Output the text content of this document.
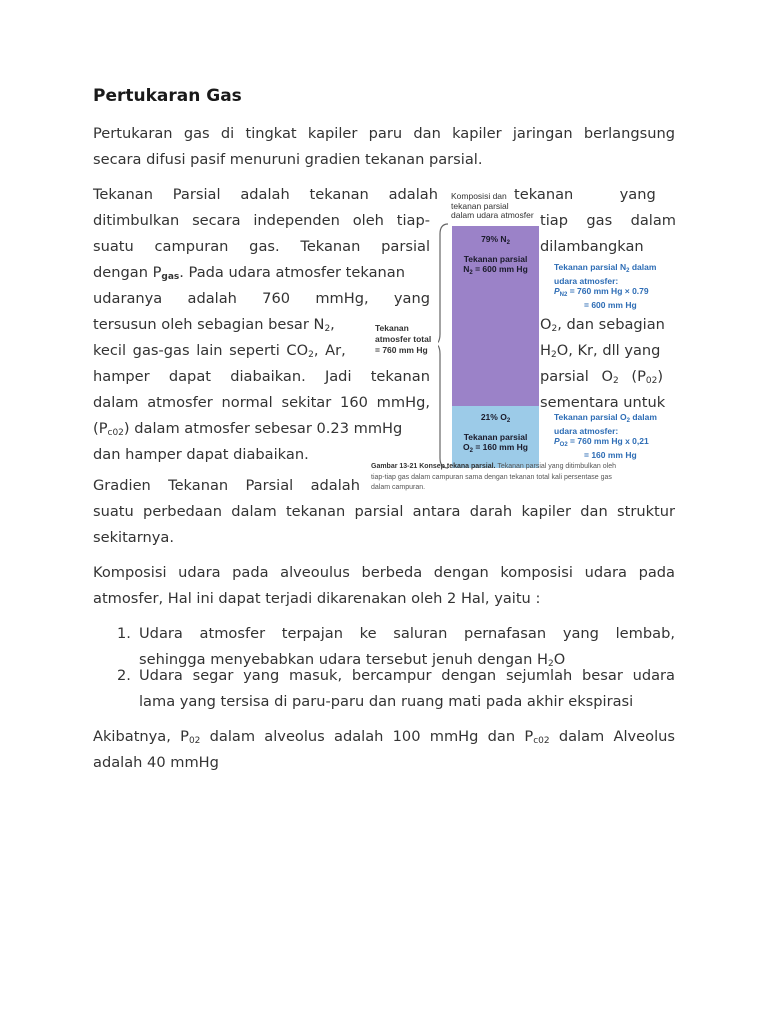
Pertukaran Gas
Pertukaran gas di tingkat kapiler paru dan kapiler jaringan berlangsung
secara difusi pasif menuruni gradien tekanan parsial.
Tekanan Parsial adalah tekanan adalah
ditimbulkan secara independen oleh tiap-
suatu campuran gas. Tekanan parsial
dengan $P_{gas}$. Pada udara atmosfer tekanan
udaranya adalah 760 mmHg, yang
tersusun oleh sebagian besar $N_2$,
kecil gas-gas lain seperti $CO_2$, Ar,
hamper dapat diabaikan. Jadi tekanan
dalam atmosfer normal sekitar 160 mmHg,
$(P_{c02})$ dalam atmosfer sebesar 0.23 mmHg
dan hamper dapat diabaikan.
tekanan          yang
tiap gas dalam
dilambangkan
$O_2$, dan sebagian
$H_2O$, Kr, dll yang
parsial $O_2$ $(P_{02})$
sementara untuk
Komposisi dan
tekanan parsial
dalam udara atmosfer
Tekanan
atmosfer total
= 760 mm Hg
79% $N_2$
Tekanan parsial
$N_2 = 600$ mm Hg	Tekanan parsial $N_2$ dalam
udara atmosfer:
$P_{N2} = 760$ mm Hg × 0.79
= 600 mm Hg
21% $O_2$
Tekanan parsial
$O_2 = 160$ mm Hg
Tekanan parsial $O_2$ dalam
udara atmosfer:
$P_{O2} = 760$ mm Hg x 0,21
= 160 mm Hg
Gambar 13-21 Konsep tekana parsial. Tekanan parsial yang ditimbulkan oleh
tiap-tiap gas dalam campuran sama dengan tekanan total kali persentase gas
dalam campuran.
Gradien Tekanan Parsial adalah
suatu perbedaan dalam tekanan parsial antara darah kapiler dan struktur
sekitarnya.
Komposisi udara pada alveoulus berbeda dengan komposisi udara pada
atmosfer, Hal ini dapat terjadi dikarenakan oleh 2 Hal, yaitu :
1. Udara atmosfer terpajan ke saluran pernafasan yang lembab,
sehingga menyebabkan udara tersebut jenuh dengan $H_2O$
2. Udara segar yang masuk, bercampur dengan sejumlah besar udara
lama yang tersisa di paru-paru dan ruang mati pada akhir ekspirasi
Akibatnya, $P_{02}$ dalam alveolus adalah 100 mmHg dan $P_{c02}$ dalam Alveolus
adalah 40 mmHg
